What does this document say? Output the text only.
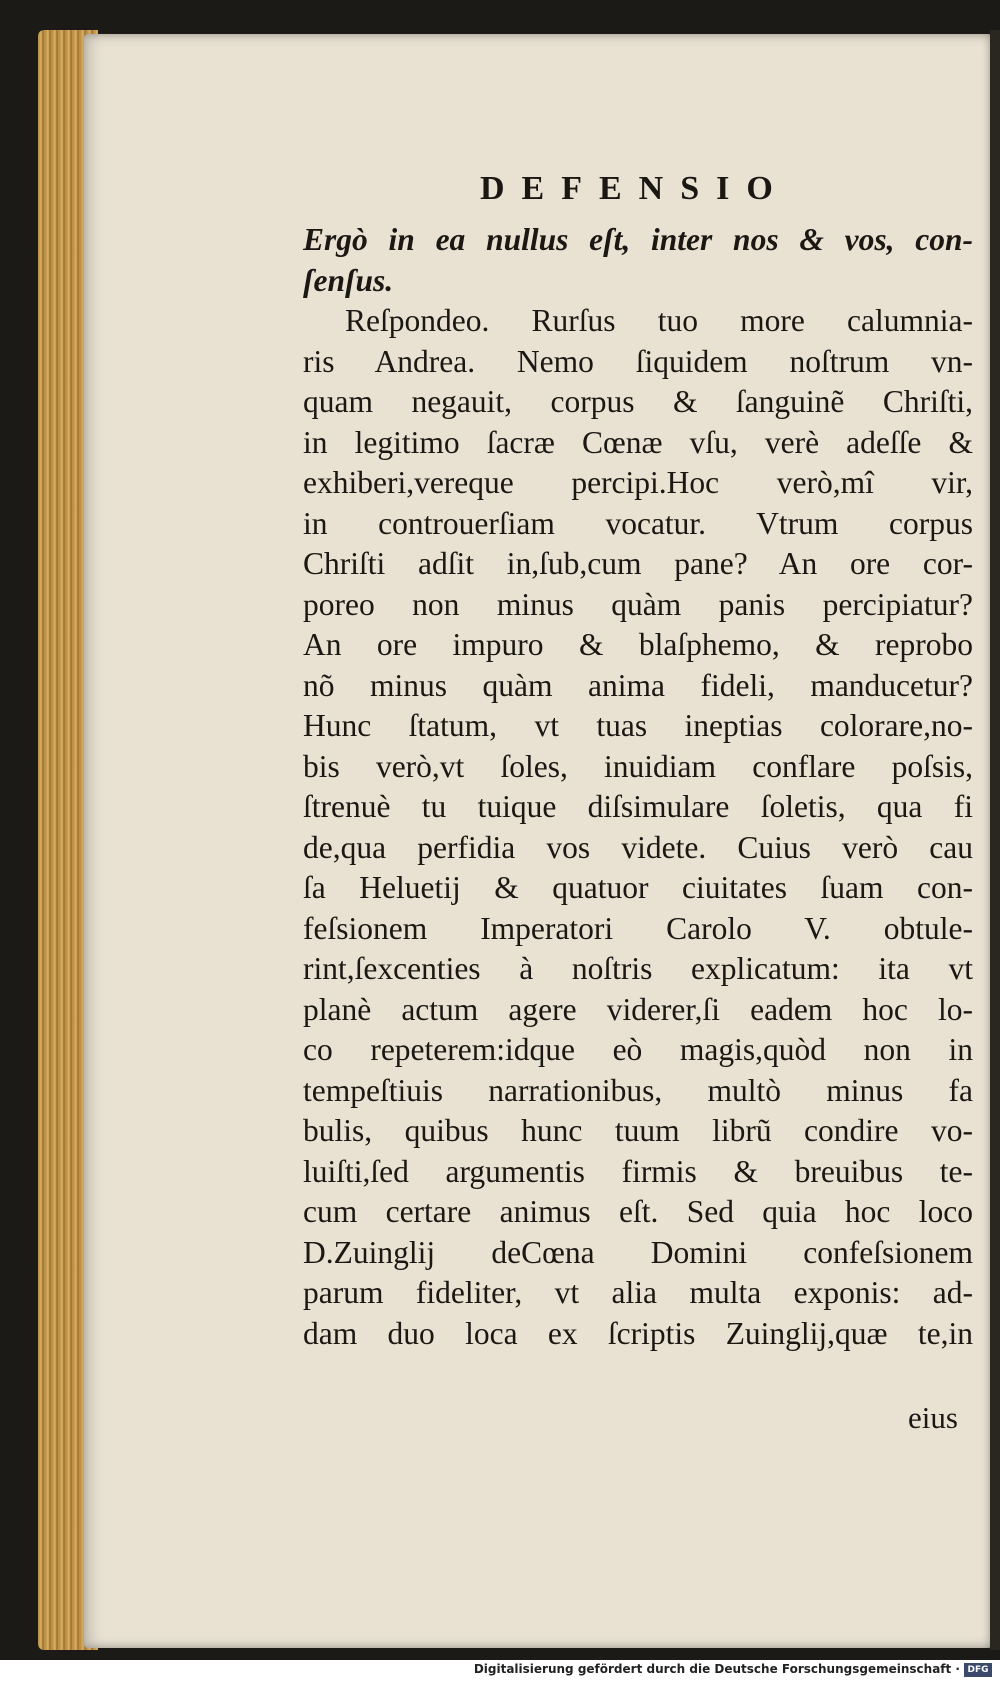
DEFENSIO
Ergò in ea nullus eſt, inter nos & vos, con-
ſenſus.
Reſpondeo. Rurſus tuo more calumnia-
ris Andrea. Nemo ſiquidem noſtrum vn-
quam negauit, corpus & ſanguinẽ Chriſti,
in legitimo ſacræ Cœnæ vſu, verè adeſſe &
exhiberi,vereque percipi.Hoc verò,mî vir,
in controuerſiam vocatur. Vtrum corpus
Chriſti adſit in,ſub,cum pane? An ore cor-
poreo non minus quàm panis percipiatur?
An ore impuro & blaſphemo, & reprobo
nõ minus quàm anima fideli, manducetur?
Hunc ſtatum, vt tuas ineptias colorare,no-
bis verò,vt ſoles, inuidiam conflare poſsis,
ſtrenuè tu tuique diſsimulare ſoletis, qua fi
de,qua perfidia vos videte. Cuius verò cau
ſa Heluetij & quatuor ciuitates ſuam con-
feſsionem Imperatori Carolo V. obtule-
rint,ſexcenties à noſtris explicatum: ita vt
planè actum agere viderer,ſi eadem hoc lo-
co repeterem:idque eò magis,quòd non in
tempeſtiuis narrationibus, multò minus fa
bulis, quibus hunc tuum librũ condire vo-
luiſti,ſed argumentis firmis & breuibus te-
cum certare animus eſt. Sed quia hoc loco
D.Zuinglij deCœna Domini confeſsionem
parum fideliter, vt alia multa exponis: ad-
dam duo loca ex ſcriptis Zuinglij,quæ te,in
eius
Digitalisierung gefördert durch die Deutsche Forschungsgemeinschaft · DFG
